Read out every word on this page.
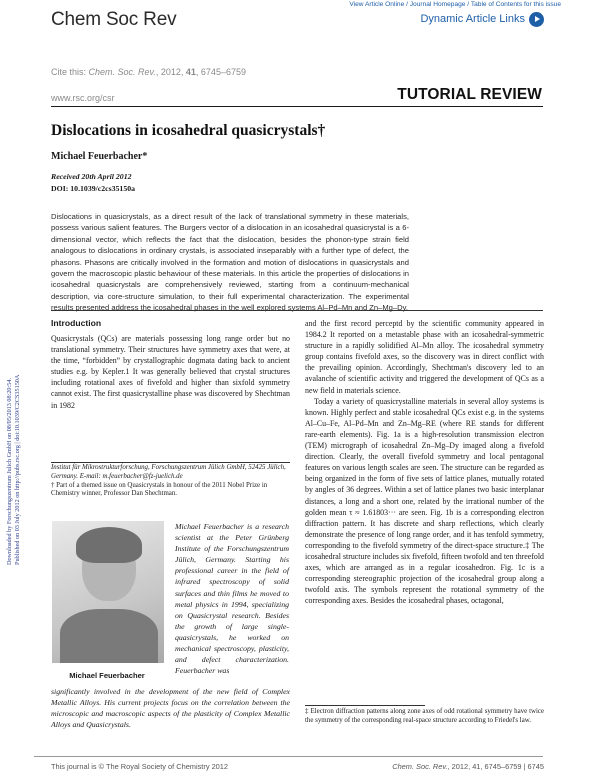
View Article Online / Journal Homepage / Table of Contents for this issue
Chem Soc Rev	Dynamic Article Links
Cite this: Chem. Soc. Rev., 2012, 41, 6745–6759
www.rsc.org/csr	TUTORIAL REVIEW
Downloaded by Forschungszentrum Julich GmbH on 08/05/2013 08:20:54. Published on 03 July 2012 on http://pubs.rsc.org | doi:10.1039/C2CS35150A
Dislocations in icosahedral quasicrystals†
Michael Feuerbacher*
Received 20th April 2012
DOI: 10.1039/c2cs35150a
Dislocations in quasicrystals, as a direct result of the lack of translational symmetry in these materials, possess various salient features. The Burgers vector of a dislocation in an icosahedral quasicrystal is a 6-dimensional vector, which reflects the fact that the dislocation, besides the phonon-type strain field analogous to dislocations in ordinary crystals, is associated inseparably with a further type of defect, the phasons. Phasons are critically involved in the formation and motion of dislocations in quasicrystals and govern the macroscopic plastic behaviour of these materials. In this article the properties of dislocations in icosahedral quasicrystals are comprehensively reviewed, starting from a continuum-mechanical description, via core-structure simulation, to their full experimental characterization. The experimental results presented address the icosahedral phases in the well explored systems Al–Pd–Mn and Zn–Mg–Dy.
Introduction

Quasicrystals (QCs) are materials possessing long range order but no translational symmetry. Their structures have symmetry axes that were, at the time, “forbidden” by crystallographic dogmata dating back to ancient studies e.g. by Kepler.1 It was generally believed that crystal structures including rotational axes of fivefold and higher than sixfold symmetry cannot exist. The first quasicrystalline phase was discovered by Shechtman in 1982

Institut für Mikrostrukturforschung, Forschungszentrum Jülich GmbH, 52425 Jülich, Germany. E-mail: m.feuerbacher@fz-juelich.de
† Part of a themed issue on Quasicrystals in honour of the 2011 Nobel Prize in Chemistry winner, Professor Dan Shechtman.
Michael Feuerbacher
Michael Feuerbacher is a research scientist at the Peter Grünberg Institute of the Forschungszentrum Jülich, Germany. Starting his professional career in the field of infrared spectroscopy of solid surfaces and thin films he moved to metal physics in 1994, specializing on Quasicrystal research. Besides the growth of large single-quasicrystals, he worked on mechanical spectroscopy, plasticity, and defect characterization. Feuerbacher was
significantly involved in the development of the new field of Complex Metallic Alloys. His current projects focus on the correlation between the microscopic and macroscopic aspects of the plasticity of Complex Metallic Alloys and Quasicrystals.

and the first record perceptd by the scientific community appeared in 1984.2 It reported on a metastable phase with an icosahedral-symmetric structure in a rapidly solidified Al–Mn alloy. The icosahedral symmetry group contains fivefold axes, so the discovery was in direct conflict with the prevailing opinion. Accordingly, Shechtman's discovery led to an avalanche of scientific activity and triggered the development of QCs as a new field in materials science.

Today a variety of quasicrystalline materials in several alloy systems is known. Highly perfect and stable icosahedral QCs exist e.g. in the systems Al–Cu–Fe, Al–Pd–Mn and Zn–Mg–RE (where RE stands for different rare-earth elements). Fig. 1a is a high-resolution transmission electron (TEM) micrograph of icosahedral Zn–Mg–Dy imaged along a fivefold direction. Clearly, the overall fivefold symmetry and local pentagonal features on various length scales are seen. The structure can be regarded as being organized in the form of five sets of lattice planes, mutually rotated by angles of 36 degrees. Within a set of lattice planes two basic interplanar distances, a long and a short one, related by the irrational number of the golden mean τ ≈ 1.61803··· are seen. Fig. 1b is a corresponding electron diffraction pattern. It has discrete and sharp reflections, which clearly demonstrate the presence of long range order, and it has tenfold symmetry, corresponding to the fivefold symmetry of the direct-space structure.‡ The icosahedral structure includes six fivefold, fifteen twofold and ten threefold axes, which are arranged as in a regular icosahedron. Fig. 1c is a corresponding stereographic projection of the icosahedral group along a twofold axis. The symbols represent the rotational symmetry of the corresponding axes. Besides the icosahedral phases, octagonal,

‡ Electron diffraction patterns along zone axes of odd rotational symmetry have twice the symmetry of the corresponding real-space structure according to Friedel's law.
This journal is © The Royal Society of Chemistry 2012	Chem. Soc. Rev., 2012, 41, 6745–6759 | 6745
